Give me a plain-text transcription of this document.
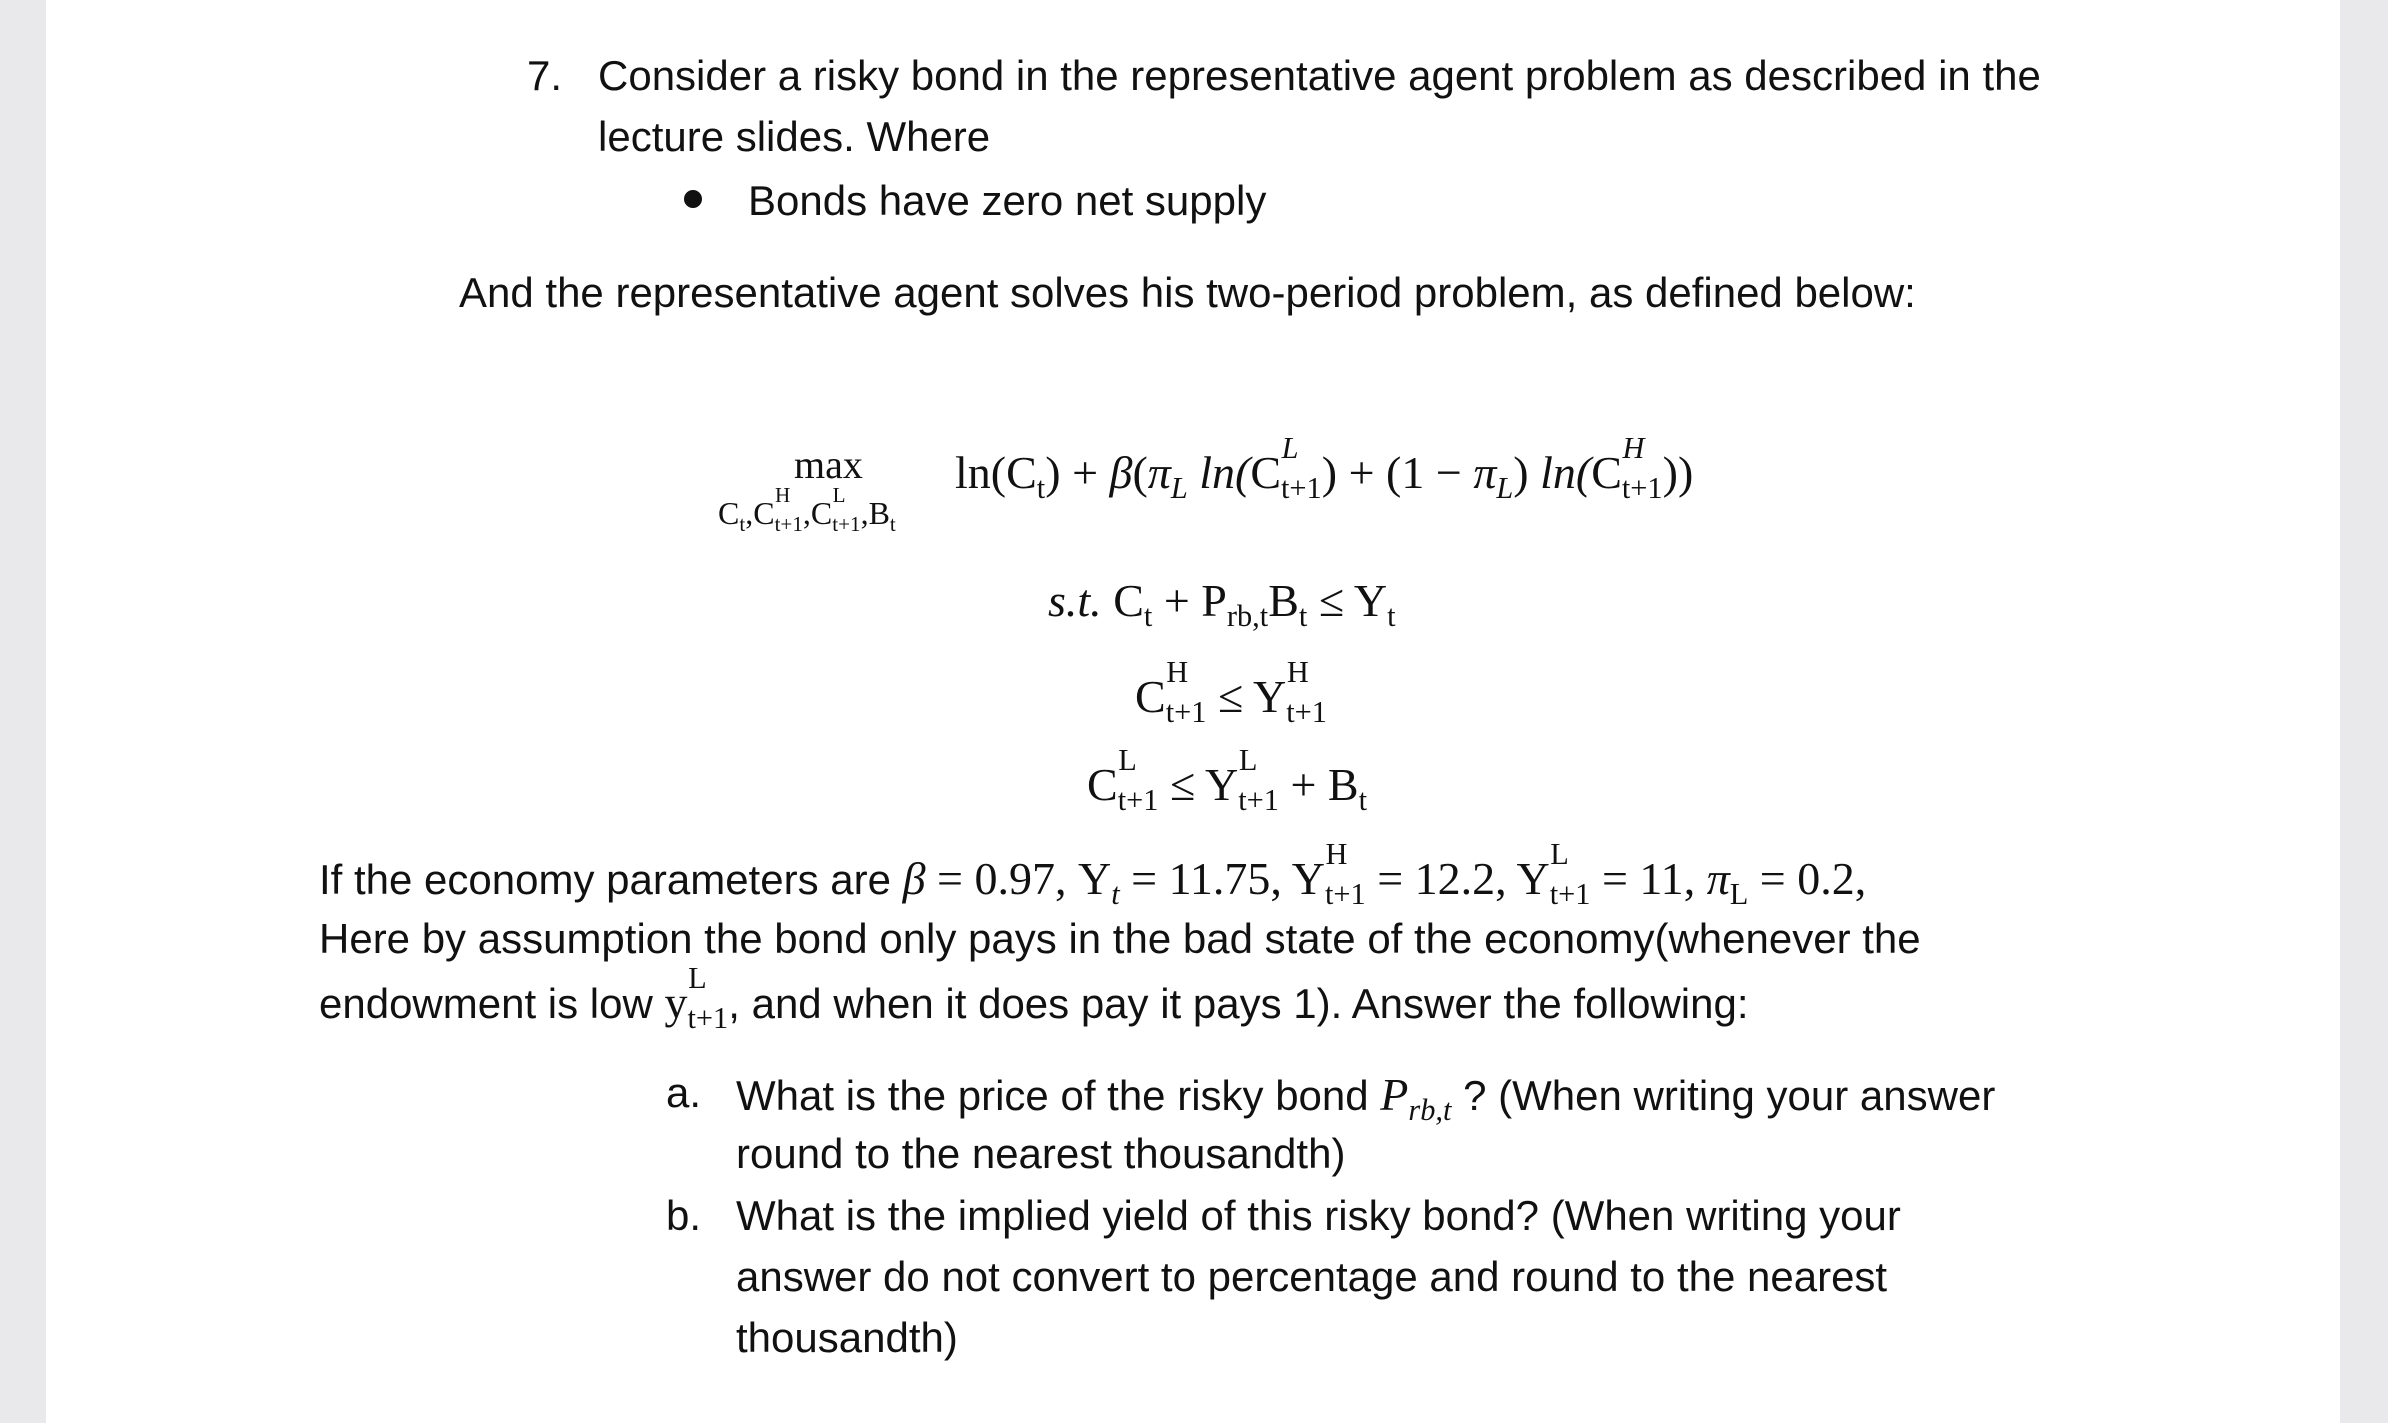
7. Consider a risky bond in the representative agent problem as described in the
lecture slides. Where
Bonds have zero net supply
And the representative agent solves his two-period problem, as defined below:
max
$C_t,C$ H
t+1,C L
$t+1,B_t$
$\ln(C_t) + \beta(\pi_L$ ln(C L
$t+1) + (1 - \pi_L)$ ln(C H
t+1))
s.t. $C_t + P_{rb,t}B_t \le Y_t$
C H
t+1 ≤ Y H
t+1
C L
t+1 ≤ Y L
$t+1 + B_t$
If the economy parameters are β = 0.97, $Y_t = 11.75$, Y H
t+1 = 12.2, Y L
t+1 = 11, $\pi_L = 0.2$,
Here by assumption the bond only pays in the bad state of the economy(whenever the
endowment is low y L
t+1, and when it does pay it pays 1). Answer the following:
a. What is the price of the risky bond $P_{rb,t}$ ? (When writing your answer
round to the nearest thousandth)
b. What is the implied yield of this risky bond? (When writing your
answer do not convert to percentage and round to the nearest
thousandth)
